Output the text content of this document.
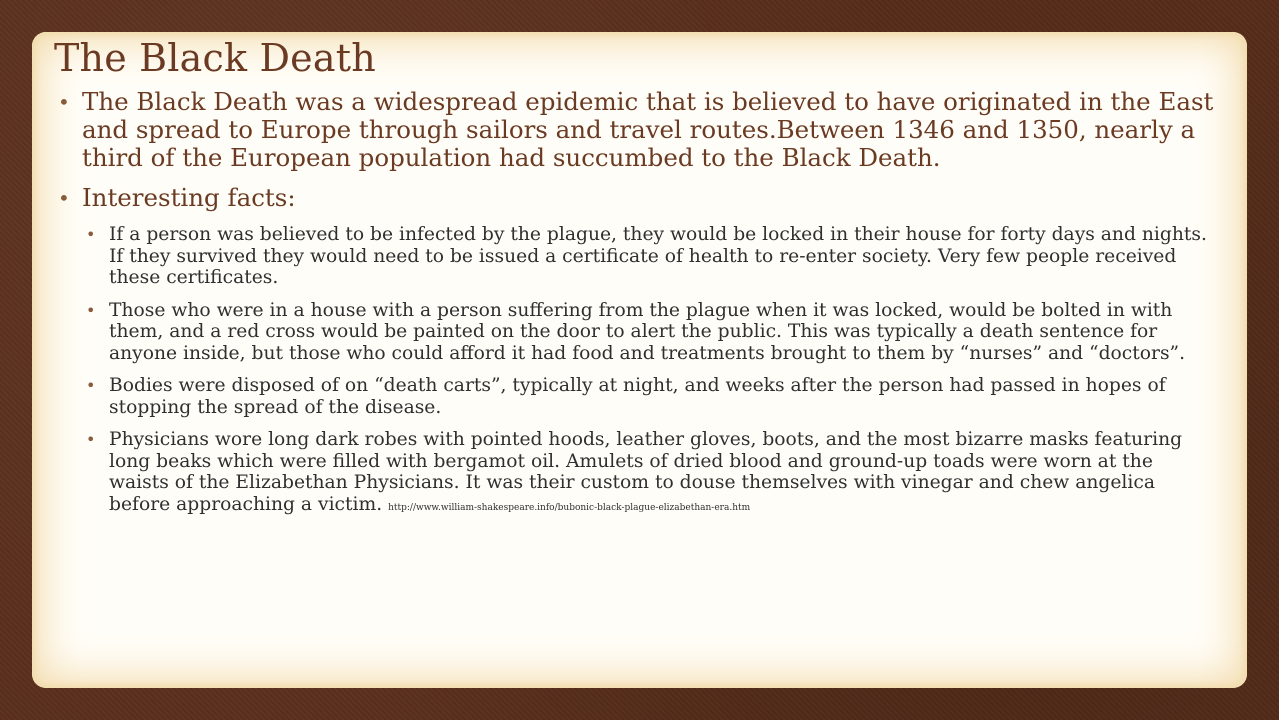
The Black Death
• The Black Death was a widespread epidemic that is believed to have originated in the East and spread to Europe through sailors and travel routes.Between 1346 and 1350, nearly a third of the European population had succumbed to the Black Death.
• Interesting facts:
• If a person was believed to be infected by the plague, they would be locked in their house for forty days and nights. If they survived they would need to be issued a certificate of health to re-enter society. Very few people received these certificates.
• Those who were in a house with a person suffering from the plague when it was locked, would be bolted in with them, and a red cross would be painted on the door to alert the public. This was typically a death sentence for anyone inside, but those who could afford it had food and treatments brought to them by “nurses” and “doctors”.
• Bodies were disposed of on “death carts”, typically at night, and weeks after the person had passed in hopes of stopping the spread of the disease.
• Physicians wore long dark robes with pointed hoods, leather gloves, boots, and the most bizarre masks featuring long beaks which were filled with bergamot oil. Amulets of dried blood and ground-up toads were worn at the waists of the Elizabethan Physicians. It was their custom to douse themselves with vinegar and chew angelica before approaching a victim. http://www.william-shakespeare.info/bubonic-black-plague-elizabethan-era.htm
